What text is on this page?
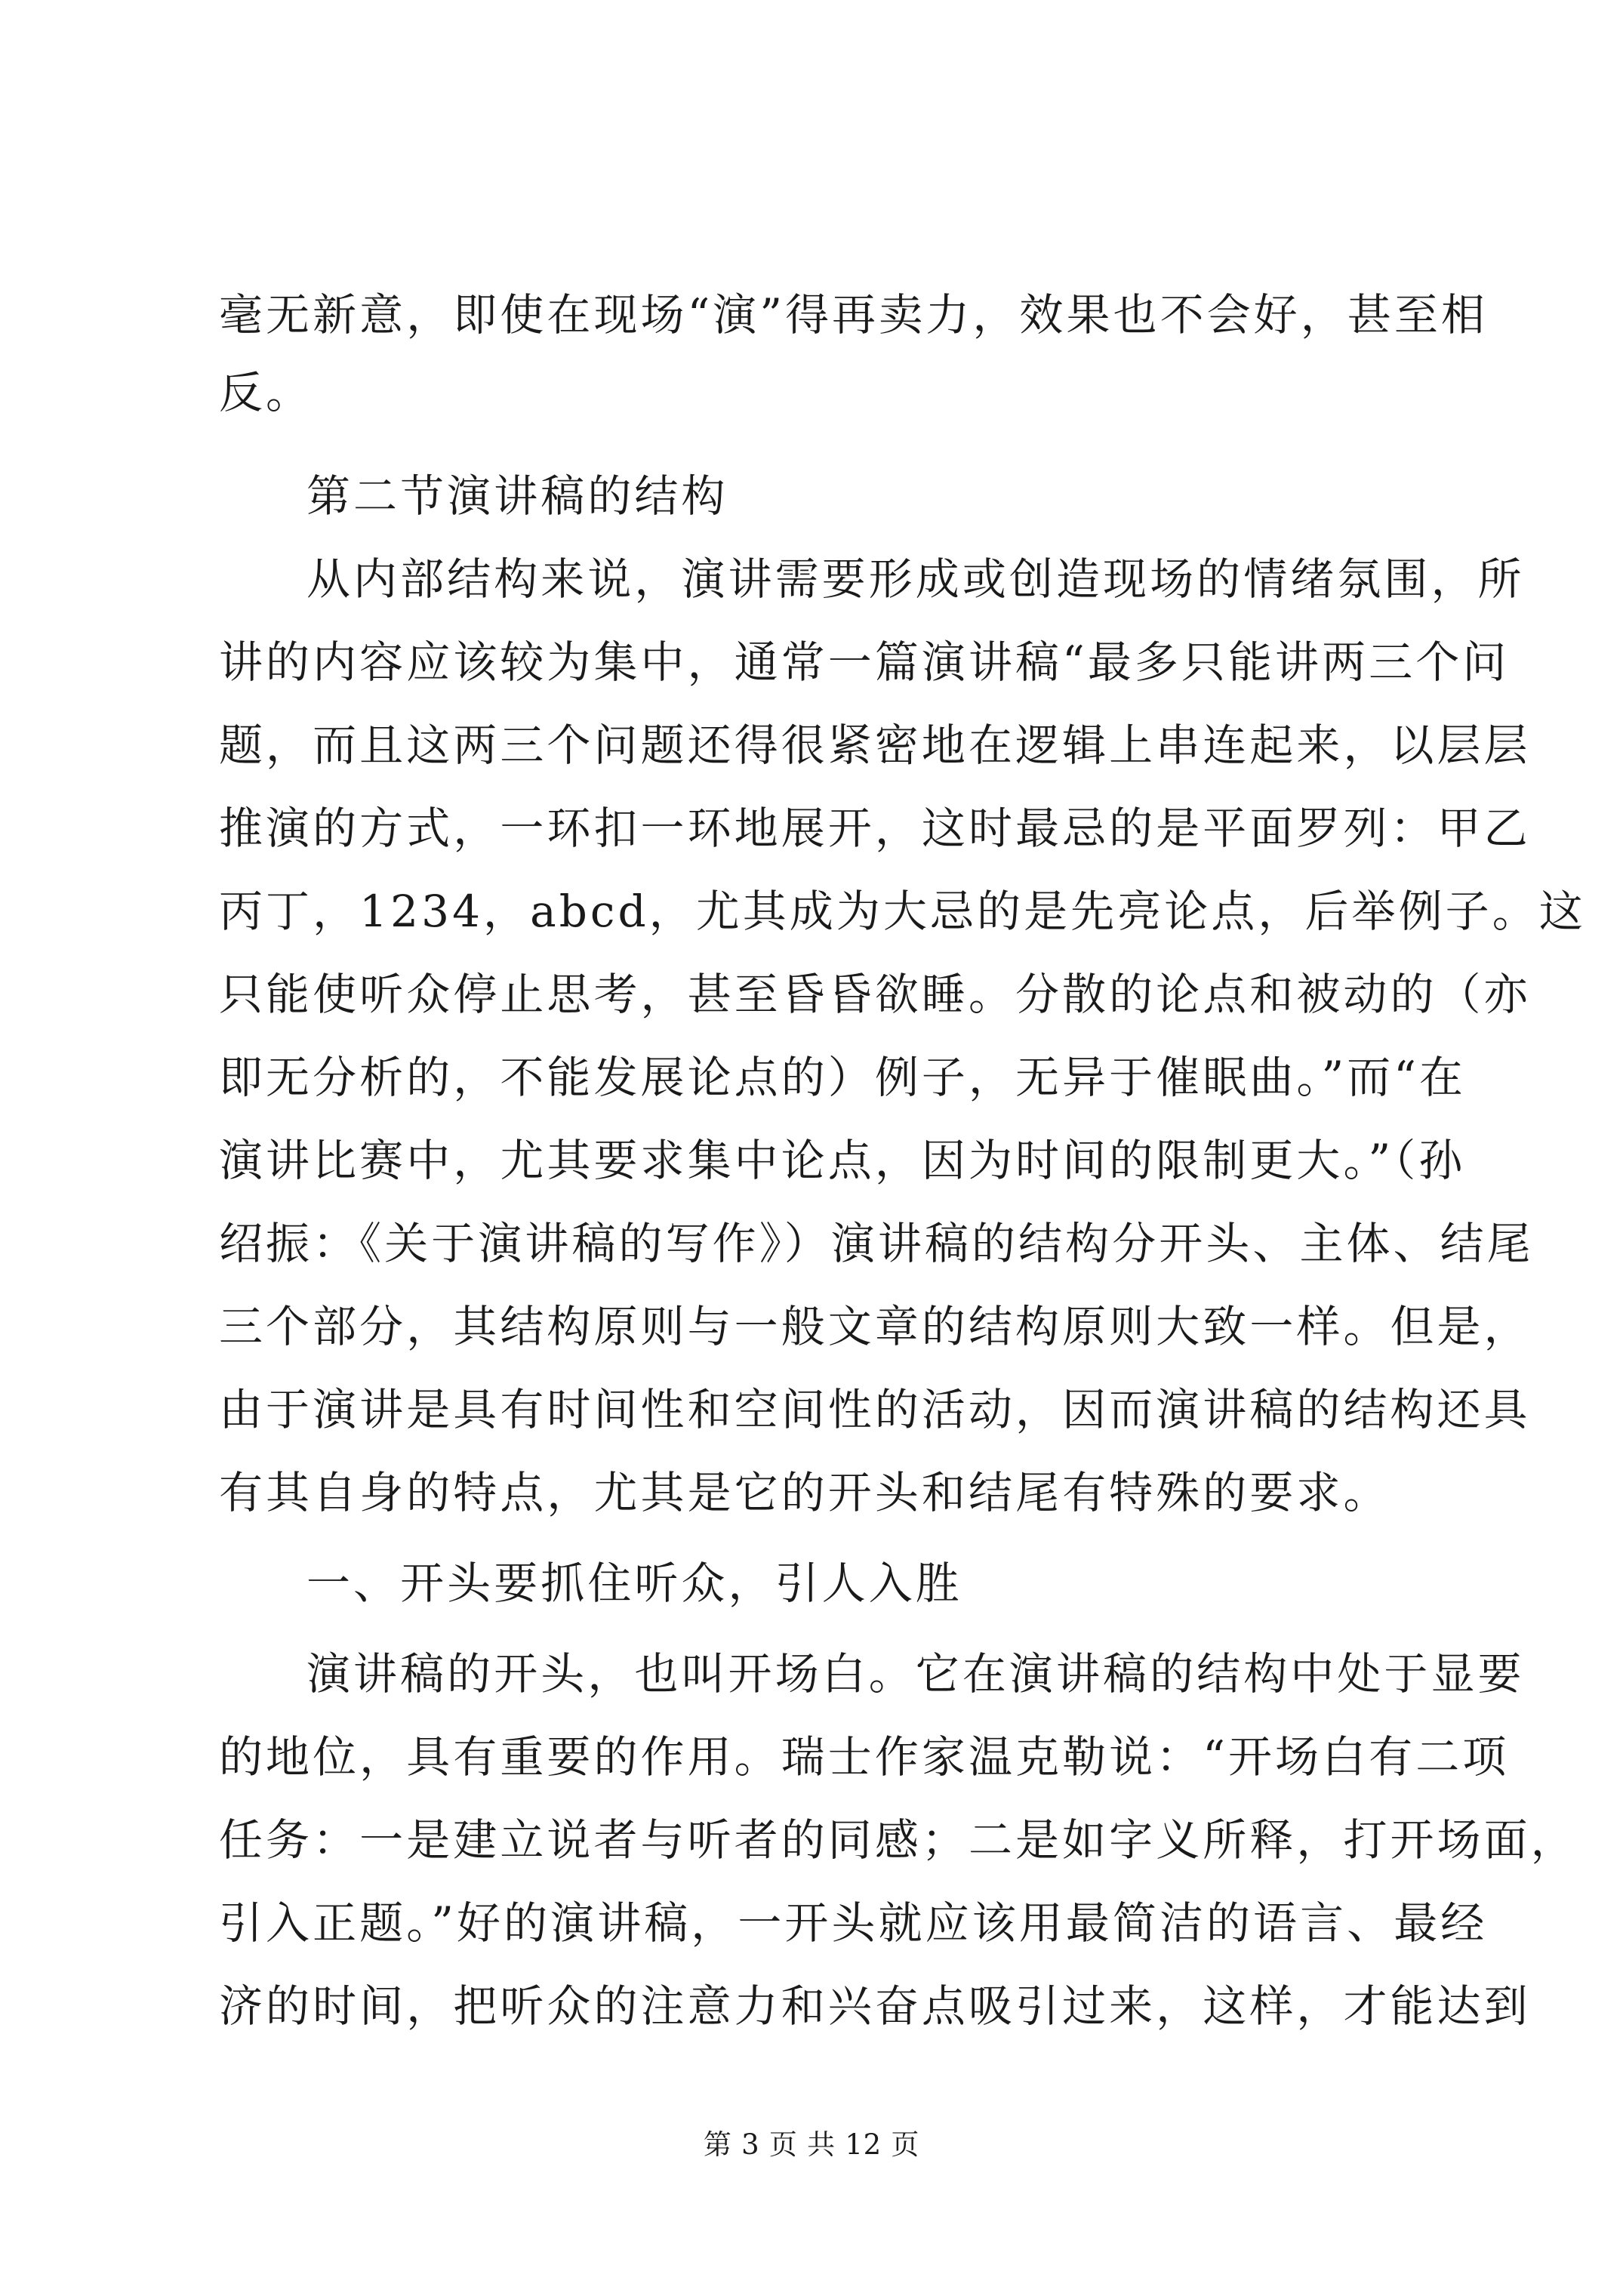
毫无新意，即使在现场“演”得再卖力，效果也不会好，甚至相
反。
第二节演讲稿的结构
从内部结构来说，演讲需要形成或创造现场的情绪氛围，所
讲的内容应该较为集中，通常一篇演讲稿“最多只能讲两三个问
题，而且这两三个问题还得很紧密地在逻辑上串连起来，以层层
推演的方式，一环扣一环地展开，这时最忌的是平面罗列：甲乙
丙丁，1234，abcd，尤其成为大忌的是先亮论点，后举例子。这
只能使听众停止思考，甚至昏昏欲睡。分散的论点和被动的（亦
即无分析的，不能发展论点的）例子，无异于催眠曲。”而“在
演讲比赛中，尤其要求集中论点，因为时间的限制更大。”（孙
绍振：《关于演讲稿的写作》）演讲稿的结构分开头、主体、结尾
三个部分，其结构原则与一般文章的结构原则大致一样。但是，
由于演讲是具有时间性和空间性的活动，因而演讲稿的结构还具
有其自身的特点，尤其是它的开头和结尾有特殊的要求。
一、开头要抓住听众，引人入胜
演讲稿的开头，也叫开场白。它在演讲稿的结构中处于显要
的地位，具有重要的作用。瑞士作家温克勒说：“开场白有二项
任务：一是建立说者与听者的同感；二是如字义所释，打开场面，
引入正题。”好的演讲稿，一开头就应该用最简洁的语言、最经
济的时间，把听众的注意力和兴奋点吸引过来，这样，才能达到
第 3 页 共 12 页
